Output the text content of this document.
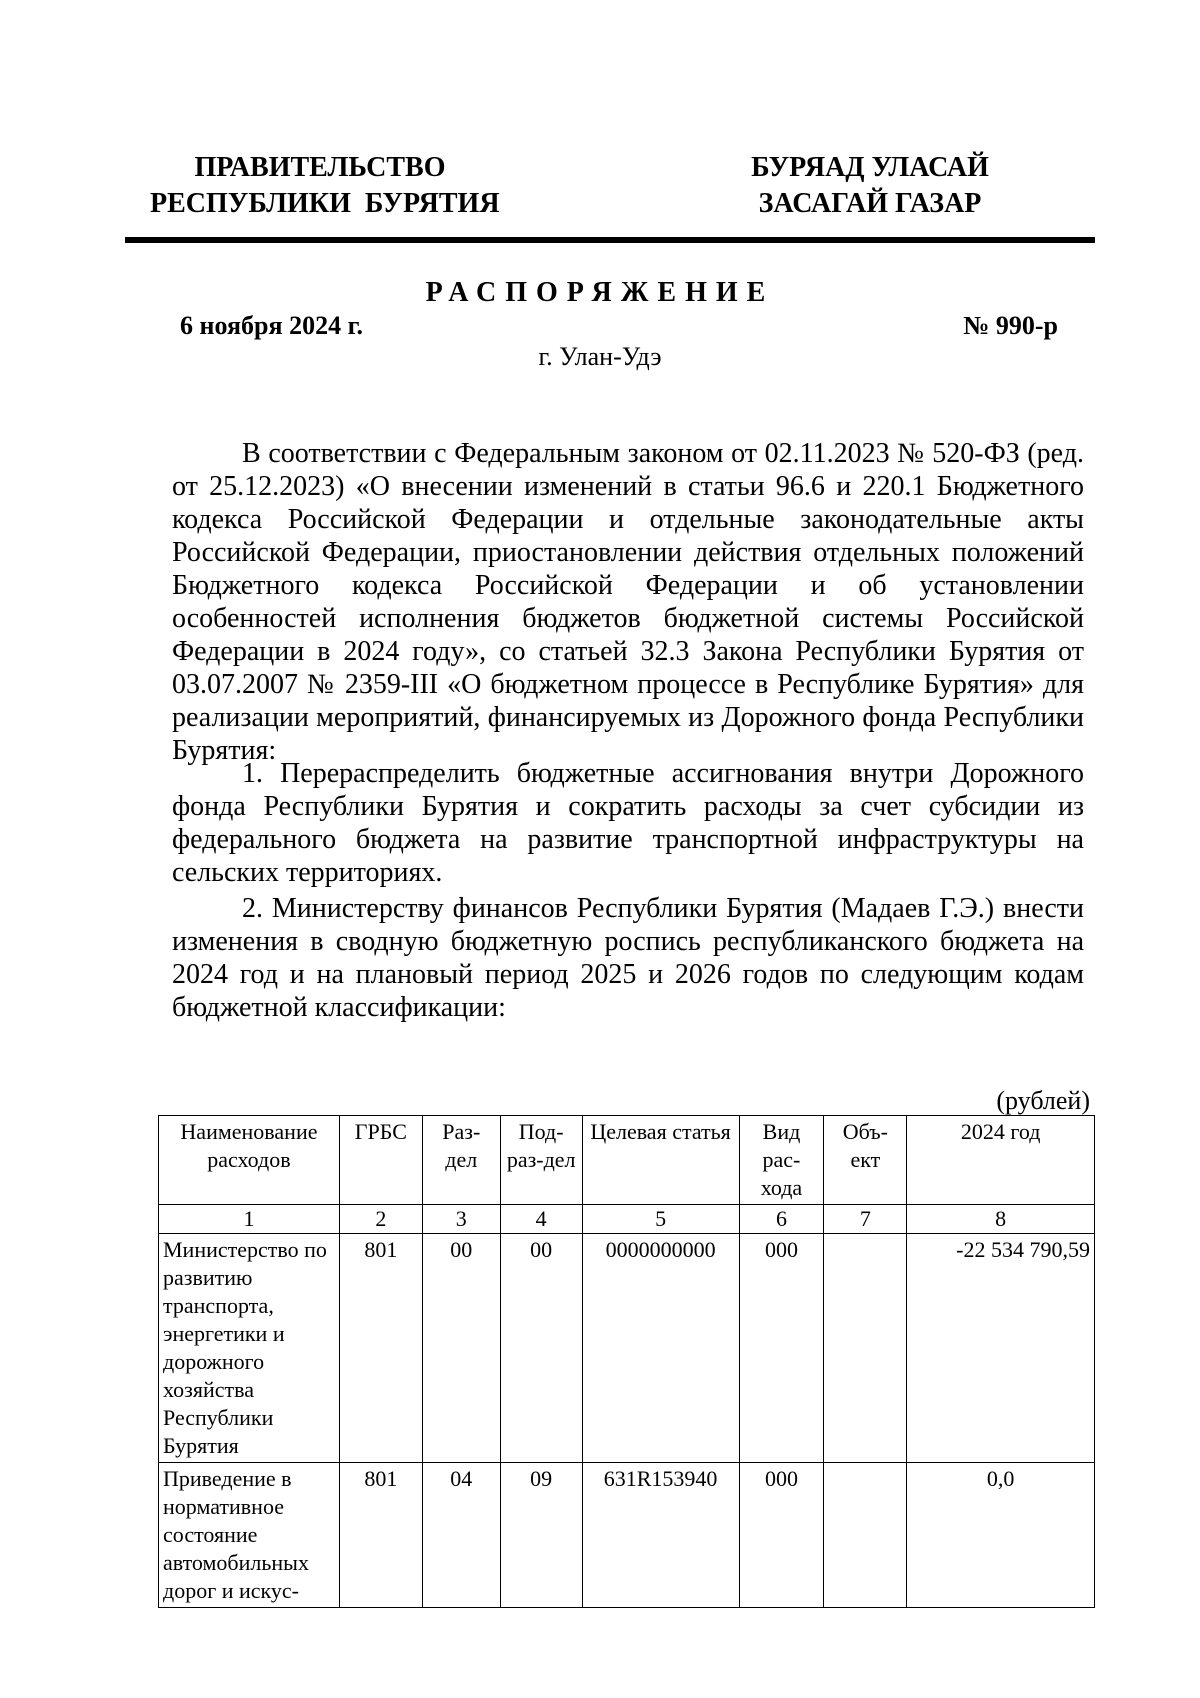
ПРАВИТЕЛЬСТВО
РЕСПУБЛИКИ  БУРЯТИЯ
БУРЯАД УЛАСАЙ
ЗАСАГАЙ ГАЗАР
РАСПОРЯЖЕНИЕ
6 ноября 2024 г.	№ 990-р
г. Улан-Удэ
В соответствии с Федеральным законом от 02.11.2023 № 520-ФЗ (ред. от 25.12.2023) «О внесении изменений в статьи 96.6 и 220.1 Бюджетного кодекса Российской Федерации и отдельные законодательные акты Российской Федерации, приостановлении действия отдельных положений Бюджетного кодекса Российской Федерации и об установлении особенностей исполнения бюджетов бюджетной системы Российской Федерации в 2024 году», со статьей 32.3 Закона Республики Бурятия от 03.07.2007 № 2359-III «О бюджетном процессе в Республике Бурятия» для реализации мероприятий, финансируемых из Дорожного фонда Республики Бурятия:
1. Перераспределить бюджетные ассигнования внутри Дорожного фонда Республики Бурятия и сократить расходы за счет субсидии из федерального бюджета на развитие транспортной инфраструктуры на сельских территориях.
2. Министерству финансов Республики Бурятия (Мадаев Г.Э.) внести изменения в сводную бюджетную роспись республиканского бюджета на 2024 год и на плановый период 2025 и 2026 годов по следующим кодам бюджетной классификации:
(рублей)
Наименование расходов	ГРБС	Раз-дел	Под-раз-дел	Целевая статья	Вид рас-хода	Объ-ект	2024 год
1	2	3	4	5	6	7	8
Министерство по развитию транспорта, энергетики и дорожного хозяйства Республики Бурятия	801	00	00	0000000000	000		-22 534 790,59
Приведение в нормативное состояние автомобильных дорог и искус-	801	04	09	631R153940	000		0,0
